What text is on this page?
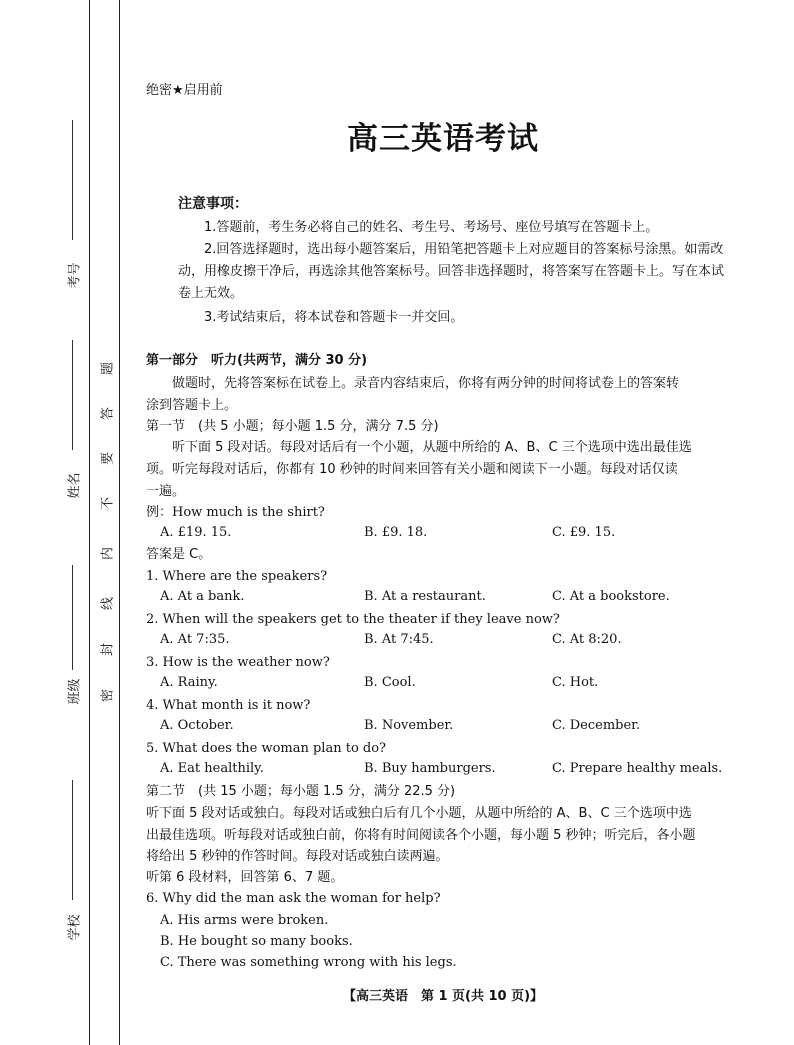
考号
姓名
班级
学校
题
答
要
不
内
线
封
密
绝密★启用前
高三英语考试
注意事项：
1.答题前，考生务必将自己的姓名、考生号、考场号、座位号填写在答题卡上。
2.回答选择题时，选出每小题答案后，用铅笔把答题卡上对应题目的答案标号涂黑。如需改动，用橡皮擦干净后，再选涂其他答案标号。回答非选择题时，将答案写在答题卡上。写在本试卷上无效。
3.考试结束后，将本试卷和答题卡一并交回。
第一部分　听力(共两节，满分 30 分)
做题时，先将答案标在试卷上。录音内容结束后，你将有两分钟的时间将试卷上的答案转
涂到答题卡上。
第一节　(共 5 小题；每小题 1.5 分，满分 7.5 分)
听下面 5 段对话。每段对话后有一个小题，从题中所给的 A、B、C 三个选项中选出最佳选
项。听完每段对话后，你都有 10 秒钟的时间来回答有关小题和阅读下一小题。每段对话仅读
一遍。
例：How much is the shirt?
A. £19. 15.	B. £9. 18.	C. £9. 15.
答案是 C。
1. Where are the speakers?
A. At a bank.	B. At a restaurant.	C. At a bookstore.
2. When will the speakers get to the theater if they leave now?
A. At 7:35.	B. At 7:45.	C. At 8:20.
3. How is the weather now?
A. Rainy.	B. Cool.	C. Hot.
4. What month is it now?
A. October.	B. November.	C. December.
5. What does the woman plan to do?
A. Eat healthily.	B. Buy hamburgers.	C. Prepare healthy meals.
第二节　(共 15 小题；每小题 1.5 分，满分 22.5 分)
听下面 5 段对话或独白。每段对话或独白后有几个小题，从题中所给的 A、B、C 三个选项中选
出最佳选项。听每段对话或独白前，你将有时间阅读各个小题，每小题 5 秒钟；听完后，各小题
将给出 5 秒钟的作答时间。每段对话或独白读两遍。
听第 6 段材料，回答第 6、7 题。
6. Why did the man ask the woman for help?
A. His arms were broken.
B. He bought so many books.
C. There was something wrong with his legs.
【高三英语　第 1 页(共 10 页)】
